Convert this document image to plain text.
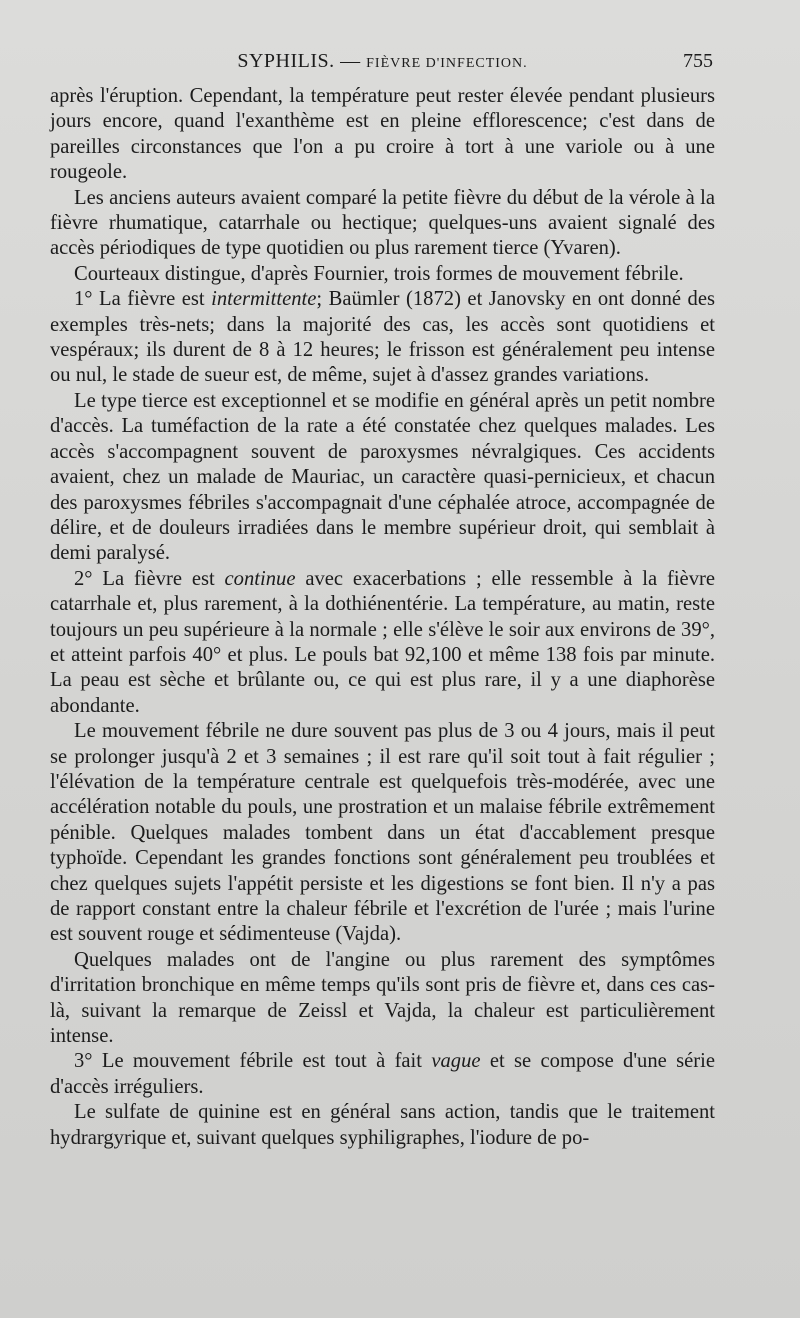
SYPHILIS. — FIÈVRE D'INFECTION.	755

après l'éruption. Cependant, la température peut rester élevée pendant plusieurs jours encore, quand l'exanthème est en pleine efflorescence; c'est dans de pareilles circonstances que l'on a pu croire à tort à une variole ou à une rougeole.

Les anciens auteurs avaient comparé la petite fièvre du début de la vérole à la fièvre rhumatique, catarrhale ou hectique; quelques-uns avaient signalé des accès périodiques de type quotidien ou plus rarement tierce (Yvaren).

Courteaux distingue, d'après Fournier, trois formes de mouvement fébrile.

1° La fièvre est intermittente; Baümler (1872) et Janovsky en ont donné des exemples très-nets; dans la majorité des cas, les accès sont quotidiens et vespéraux; ils durent de 8 à 12 heures; le frisson est généralement peu intense ou nul, le stade de sueur est, de même, sujet à d'assez grandes variations.

Le type tierce est exceptionnel et se modifie en général après un petit nombre d'accès. La tuméfaction de la rate a été constatée chez quelques malades. Les accès s'accompagnent souvent de paroxysmes névralgiques. Ces accidents avaient, chez un malade de Mauriac, un caractère quasi-pernicieux, et chacun des paroxysmes fébriles s'accompagnait d'une céphalée atroce, accompagnée de délire, et de douleurs irradiées dans le membre supérieur droit, qui semblait à demi paralysé.

2° La fièvre est continue avec exacerbations ; elle ressemble à la fièvre catarrhale et, plus rarement, à la dothiénentérie. La température, au matin, reste toujours un peu supérieure à la normale ; elle s'élève le soir aux environs de 39°, et atteint parfois 40° et plus. Le pouls bat 92,100 et même 138 fois par minute. La peau est sèche et brûlante ou, ce qui est plus rare, il y a une diaphorèse abondante.

Le mouvement fébrile ne dure souvent pas plus de 3 ou 4 jours, mais il peut se prolonger jusqu'à 2 et 3 semaines ; il est rare qu'il soit tout à fait régulier ; l'élévation de la température centrale est quelquefois très-modérée, avec une accélération notable du pouls, une prostration et un malaise fébrile extrêmement pénible. Quelques malades tombent dans un état d'accablement presque typhoïde. Cependant les grandes fonctions sont généralement peu troublées et chez quelques sujets l'appétit persiste et les digestions se font bien. Il n'y a pas de rapport constant entre la chaleur fébrile et l'excrétion de l'urée ; mais l'urine est souvent rouge et sédimenteuse (Vajda).

Quelques malades ont de l'angine ou plus rarement des symptômes d'irritation bronchique en même temps qu'ils sont pris de fièvre et, dans ces cas-là, suivant la remarque de Zeissl et Vajda, la chaleur est particulièrement intense.

3° Le mouvement fébrile est tout à fait vague et se compose d'une série d'accès irréguliers.

Le sulfate de quinine est en général sans action, tandis que le traitement hydrargyrique et, suivant quelques syphiligraphes, l'iodure de po-
